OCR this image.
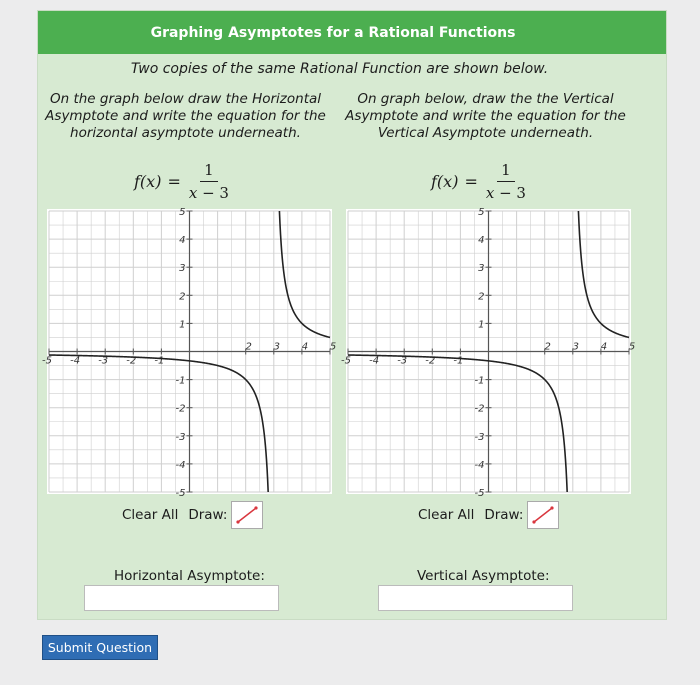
Graphing Asymptotes for a Rational Functions
Two copies of the same Rational Function are shown below.
On the graph below draw the Horizontal Asymptote and write the equation for the horizontal asymptote underneath.
On graph below, draw the the Vertical Asymptote and write the equation for the Vertical Asymptote underneath.
$f(x) = \frac{1}{x - 3}$	$f(x) = \frac{1}{x - 3}$
-5 -4 -3 -2 -1
2 3 4 5
5
4
3
2
1
-1
-2
-3
-4
-5
-5 -4 -3 -2 -1
2 3 4 5
5
4
3
2
1
-1
-2
-3
-4
-5
Clear All Draw:	Clear All Draw:
Horizontal Asymptote:	Vertical Asymptote:
Submit Question
